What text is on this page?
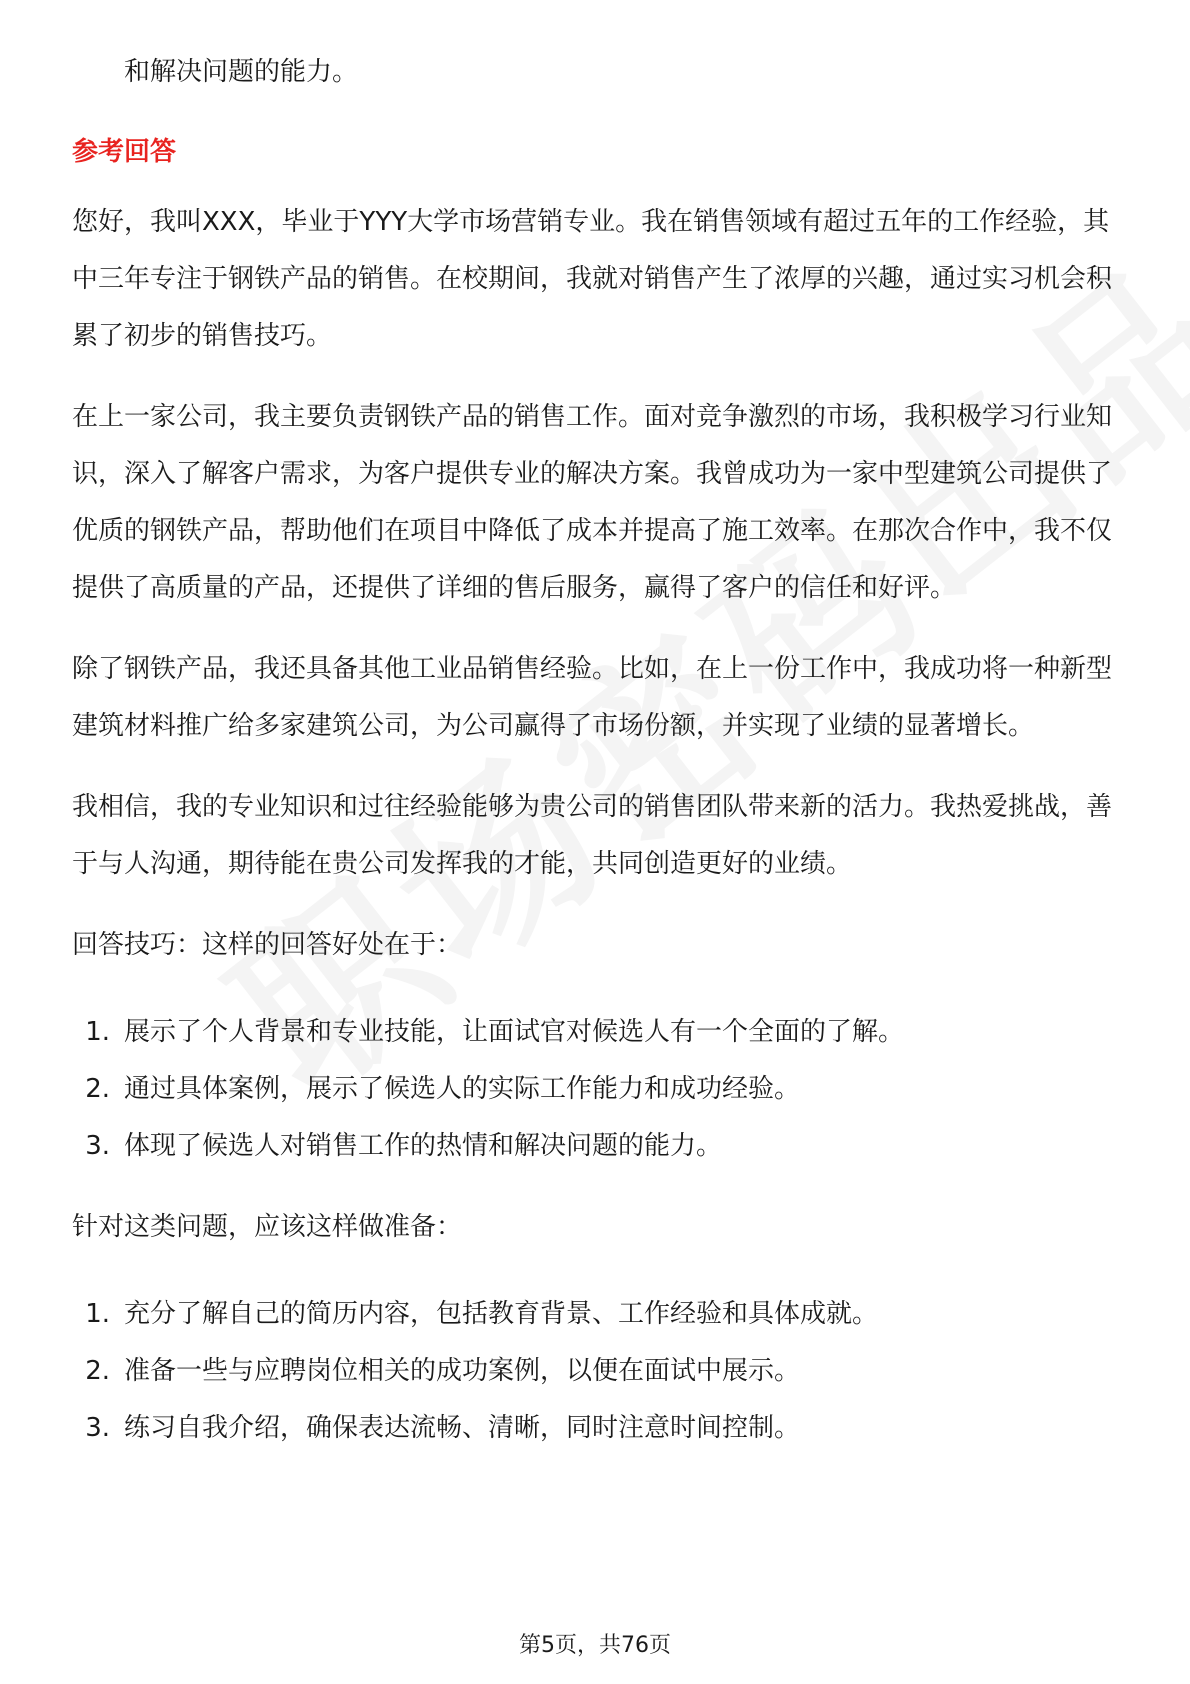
和解决问题的能力。

参考回答

您好，我叫XXX，毕业于YYY大学市场营销专业。我在销售领域有超过五年的工作经验，其中三年专注于钢铁产品的销售。在校期间，我就对销售产生了浓厚的兴趣，通过实习机会积累了初步的销售技巧。

在上一家公司，我主要负责钢铁产品的销售工作。面对竞争激烈的市场，我积极学习行业知识，深入了解客户需求，为客户提供专业的解决方案。我曾成功为一家中型建筑公司提供了优质的钢铁产品，帮助他们在项目中降低了成本并提高了施工效率。在那次合作中，我不仅提供了高质量的产品，还提供了详细的售后服务，赢得了客户的信任和好评。

除了钢铁产品，我还具备其他工业品销售经验。比如，在上一份工作中，我成功将一种新型建筑材料推广给多家建筑公司，为公司赢得了市场份额，并实现了业绩的显著增长。

我相信，我的专业知识和过往经验能够为贵公司的销售团队带来新的活力。我热爱挑战，善于与人沟通，期待能在贵公司发挥我的才能，共同创造更好的业绩。

回答技巧：这样的回答好处在于：

1. 展示了个人背景和专业技能，让面试官对候选人有一个全面的了解。
2. 通过具体案例，展示了候选人的实际工作能力和成功经验。
3. 体现了候选人对销售工作的热情和解决问题的能力。

针对这类问题，应该这样做准备：

1. 充分了解自己的简历内容，包括教育背景、工作经验和具体成就。
2. 准备一些与应聘岗位相关的成功案例，以便在面试中展示。
3. 练习自我介绍，确保表达流畅、清晰，同时注意时间控制。
第5页，共76页
